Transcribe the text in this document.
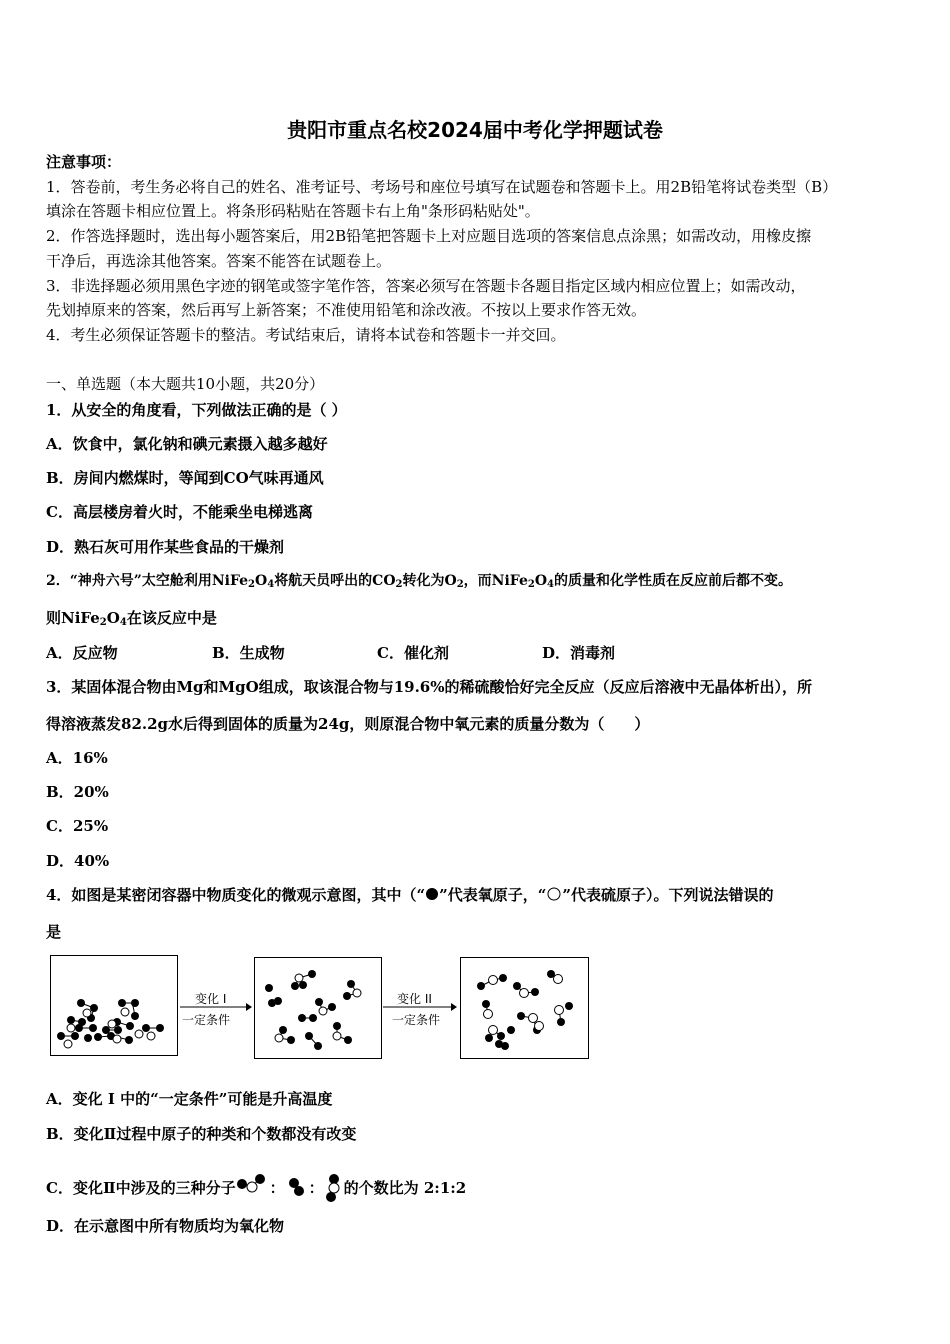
贵阳市重点名校2024届中考化学押题试卷
注意事项：
1．答卷前，考生务必将自己的姓名、准考证号、考场号和座位号填写在试题卷和答题卡上。用2B铅笔将试卷类型（B）
填涂在答题卡相应位置上。将条形码粘贴在答题卡右上角"条形码粘贴处"。
2．作答选择题时，选出每小题答案后，用2B铅笔把答题卡上对应题目选项的答案信息点涂黑；如需改动，用橡皮擦
干净后，再选涂其他答案。答案不能答在试题卷上。
3．非选择题必须用黑色字迹的钢笔或签字笔作答，答案必须写在答题卡各题目指定区域内相应位置上；如需改动，
先划掉原来的答案，然后再写上新答案；不准使用铅笔和涂改液。不按以上要求作答无效。
4．考生必须保证答题卡的整洁。考试结束后，请将本试卷和答题卡一并交回。
一、单选题（本大题共10小题，共20分）
1．从安全的角度看，下列做法正确的是（ ）
A．饮食中，氯化钠和碘元素摄入越多越好
B．房间内燃煤时，等闻到CO气味再通风
C．高层楼房着火时，不能乘坐电梯逃离
D．熟石灰可用作某些食品的干燥剂
2．“神舟六号”太空舱利用$NiFe_2O_4$将航天员呼出的$CO_2$转化为$O_2$，而$NiFe_2O_4$的质量和化学性质在反应前后都不变。
则$NiFe_2O_4$在该反应中是
A．反应物	B．生成物	C．催化剂	D．消毒剂
3．某固体混合物由Mg和MgO组成，取该混合物与19.6%的稀硫酸恰好完全反应（反应后溶液中无晶体析出），所
得溶液蒸发82.2g水后得到固体的质量为24g，则原混合物中氧元素的质量分数为（　　）
A．16%
B．20%
C．25%
D．40%
4．如图是某密闭容器中物质变化的微观示意图，其中（“ ”代表氧原子，“ ”代表硫原子）。下列说法错误的
是
变化 I
一定条件
变化 II
一定条件
A．变化 I 中的“一定条件”可能是升高温度
B．变化Ⅱ过程中原子的种类和个数都没有改变
C．变化Ⅱ中涉及的三种分子 ： ： 的个数比为 2:1:2
D．在示意图中所有物质均为氧化物
